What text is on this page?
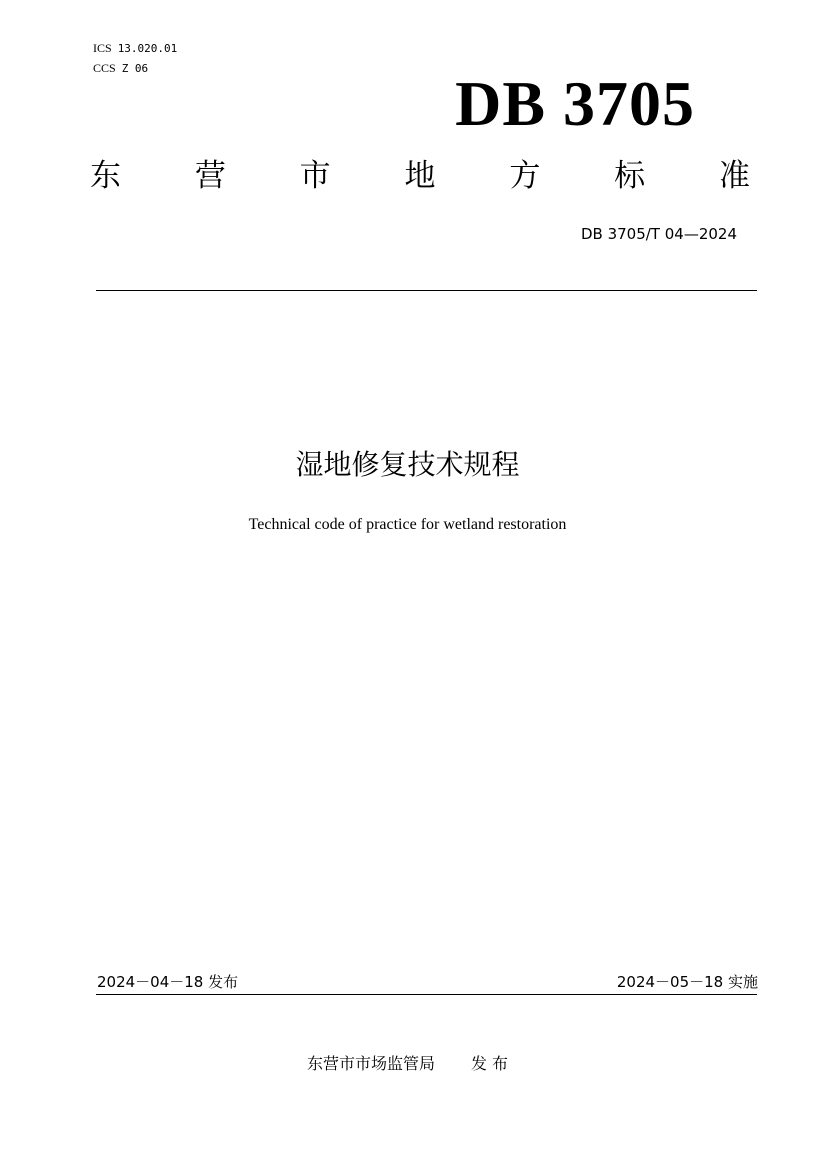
ICS 13.020.01
CCS Z 06	DB 3705
东 营 市 地 方 标 准
DB 3705/T 04—2024
湿地修复技术规程
Technical code of practice for wetland restoration
2024－04－18 发布	2024－05－18 实施
东营市市场监管局 发 布
